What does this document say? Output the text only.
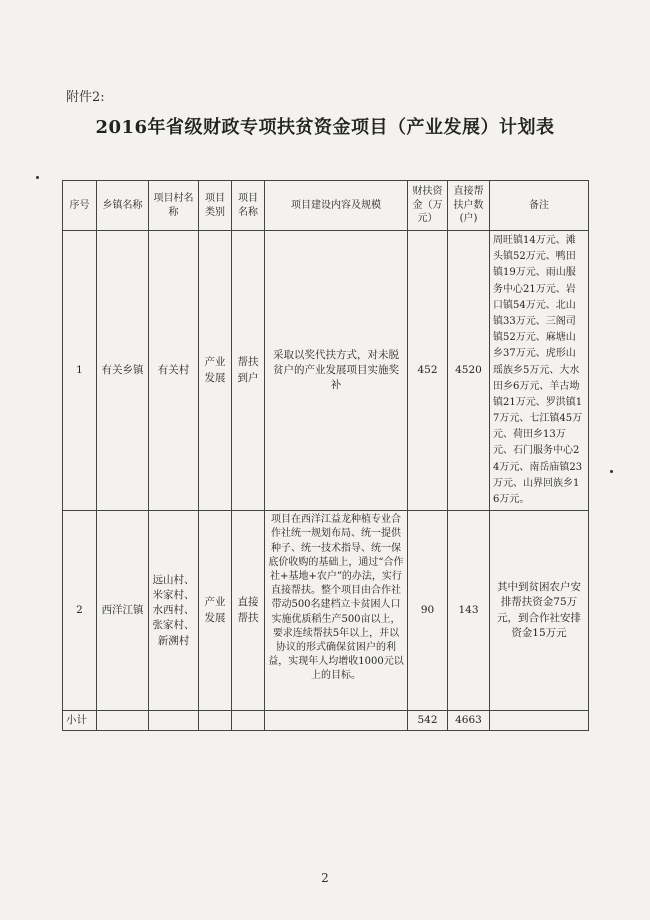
附件2:
2016年省级财政专项扶贫资金项目（产业发展）计划表
序号	乡镇名称	项目村名称	项目类别	项目名称	项目建设内容及规模	财扶资金（万元）	直接帮扶户数(户)	备注
1	有关乡镇	有关村	产业发展	帮扶到户	采取以奖代扶方式，对未脱贫户的产业发展项目实施奖补	452	4520	周旺镇14万元、滩头镇52万元、鸭田镇19万元、雨山服务中心21万元、岩口镇54万元、北山镇33万元、三阁司镇52万元、麻塘山乡37万元、虎形山瑶族乡5万元、大水田乡6万元、羊古坳镇21万元、罗洪镇17万元、七江镇45万元、荷田乡13万元、石门服务中心24万元、南岳庙镇23万元、山界回族乡16万元。
2	西洋江镇	远山村、米家村、水西村、张家村、新溯村	产业发展	直接帮扶	项目在西洋江益龙种植专业合作社统一规划布局、统一提供种子、统一技术指导、统一保底价收购的基础上，通过“合作社+基地+农户”的办法，实行直接帮扶。整个项目由合作社带动500名建档立卡贫困人口实施优质稻生产500亩以上，要求连续帮扶5年以上，并以协议的形式确保贫困户的利益，实现年人均增收1000元以上的目标。	90	143	其中到贫困农户安排帮扶资金75万元，到合作社安排资金15万元
小计						542	4663	
2
